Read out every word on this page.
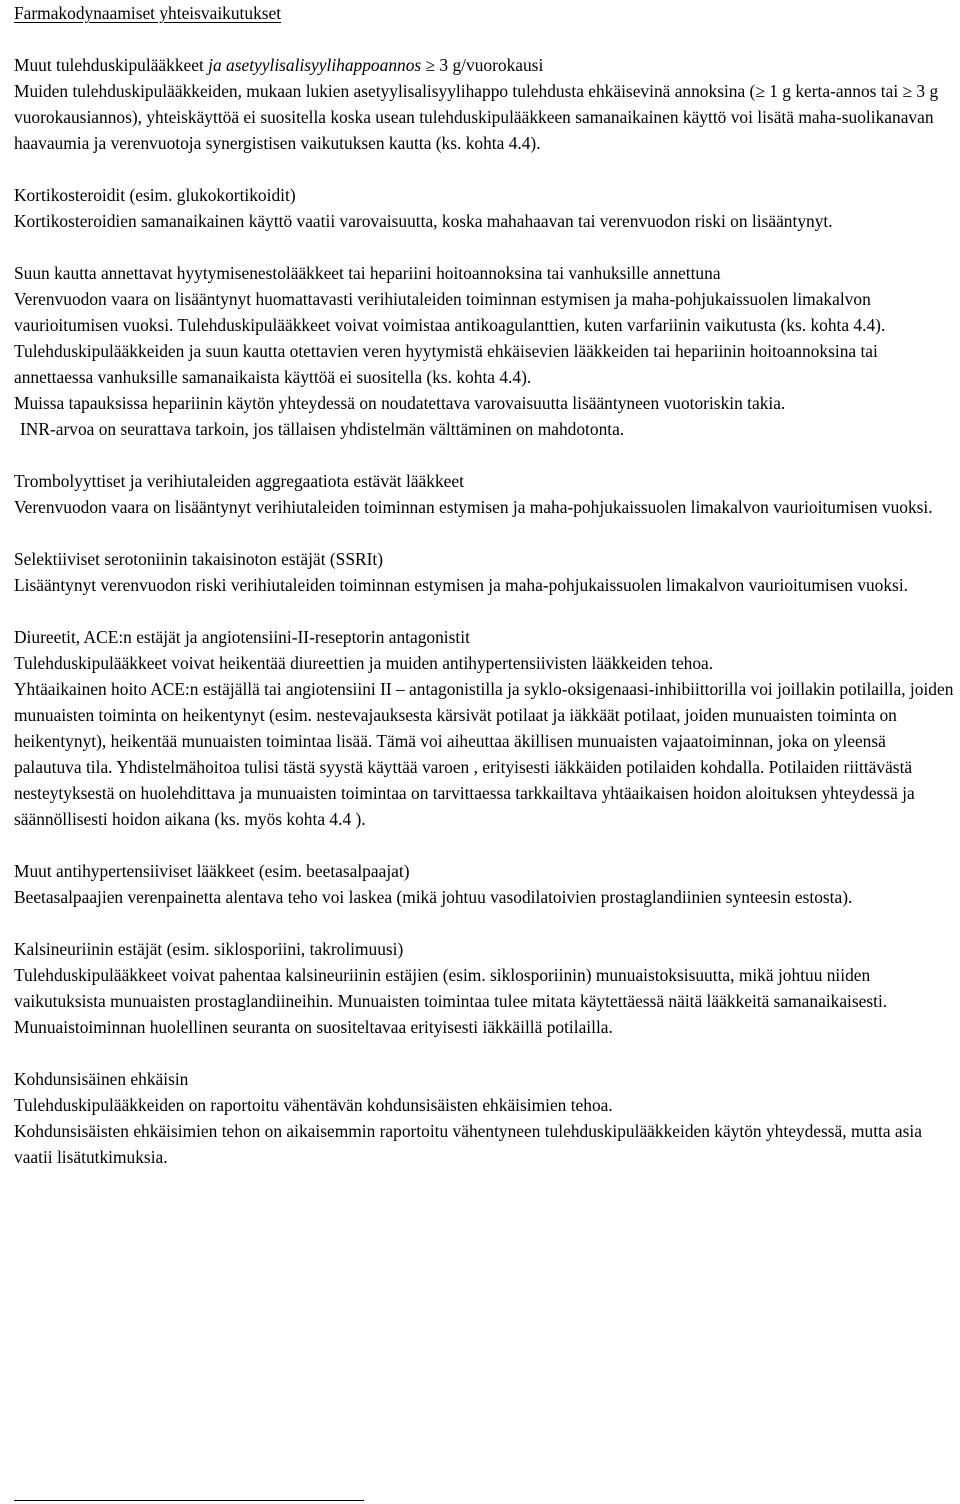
Farmakodynaamiset yhteisvaikutukset
Muut tulehduskipulääkkeet ja asetyylisalisyylihappoannos ≥ 3 g/vuorokausi
Muiden tulehduskipulääkkeiden, mukaan lukien asetyylisalisyylihappo tulehdusta ehkäisevinä annoksina (≥ 1 g kerta-annos tai ≥ 3 g vuorokausiannos), yhteiskäyttöä ei suositella koska usean tulehduskipulääkkeen samanaikainen käyttö voi lisätä maha-suolikanavan haavaumia ja verenvuotoja synergistisen vaikutuksen kautta (ks. kohta 4.4).
Kortikosteroidit (esim. glukokortikoidit)
Kortikosteroidien samanaikainen käyttö vaatii varovaisuutta, koska mahahaavan tai verenvuodon riski on lisääntynyt.
Suun kautta annettavat hyytymisenestolääkkeet tai hepariini hoitoannoksina tai vanhuksille annettuna
Verenvuodon vaara on lisääntynyt huomattavasti verihiutaleiden toiminnan estymisen ja maha-pohjukaissuolen limakalvon vaurioitumisen vuoksi. Tulehduskipulääkkeet voivat voimistaa antikoagulanttien, kuten varfariinin vaikutusta (ks. kohta 4.4). Tulehduskipulääkkeiden ja suun kautta otettavien veren hyytymistä ehkäisevien lääkkeiden tai hepariinin hoitoannoksina tai annettaessa vanhuksille samanaikaista käyttöä ei suositella (ks. kohta 4.4).
Muissa tapauksissa hepariinin käytön yhteydessä on noudatettava varovaisuutta lisääntyneen vuotoriskin takia.
INR-arvoa on seurattava tarkoin, jos tällaisen yhdistelmän välttäminen on mahdotonta.
Trombolyyttiset ja verihiutaleiden aggregaatiota estävät lääkkeet
Verenvuodon vaara on lisääntynyt verihiutaleiden toiminnan estymisen ja maha-pohjukaissuolen limakalvon vaurioitumisen vuoksi.
Selektiiviset serotoniinin takaisinoton estäjät (SSRIt)
Lisääntynyt verenvuodon riski verihiutaleiden toiminnan estymisen ja maha-pohjukaissuolen limakalvon vaurioitumisen vuoksi.
Diureetit, ACE:n estäjät ja angiotensiini-II-reseptorin antagonistit
Tulehduskipulääkkeet voivat heikentää diureettien ja muiden antihypertensiivisten lääkkeiden tehoa.
Yhtäaikainen hoito ACE:n estäjällä tai angiotensiini II – antagonistilla ja syklo-oksigenaasi-inhibiittorilla voi joillakin potilailla, joiden munuaisten toiminta on heikentynyt (esim. nestevajauksesta kärsivät potilaat ja iäkkäät potilaat, joiden munuaisten toiminta on heikentynyt), heikentää munuaisten toimintaa lisää. Tämä voi aiheuttaa äkillisen munuaisten vajaatoiminnan, joka on yleensä palautuva tila. Yhdistelmähoitoa tulisi tästä syystä käyttää varoen , erityisesti iäkkäiden potilaiden kohdalla. Potilaiden riittävästä nesteytyksestä on huolehdittava ja munuaisten toimintaa on tarvittaessa tarkkailtava yhtäaikaisen hoidon aloituksen yhteydessä ja säännöllisesti hoidon aikana (ks. myös kohta 4.4 ).
Muut antihypertensiiviset lääkkeet (esim. beetasalpaajat)
Beetasalpaajien verenpainetta alentava teho voi laskea (mikä johtuu vasodilatoivien prostaglandiinien synteesin estosta).
Kalsineuriinin estäjät (esim. siklosporiini, takrolimuusi)
Tulehduskipulääkkeet voivat pahentaa kalsineuriinin estäjien (esim. siklosporiinin) munuaistoksisuutta, mikä johtuu niiden vaikutuksista munuaisten prostaglandiineihin. Munuaisten toimintaa tulee mitata käytettäessä näitä lääkkeitä samanaikaisesti. Munuaistoiminnan huolellinen seuranta on suositeltavaa erityisesti iäkkäillä potilailla.
Kohdunsisäinen ehkäisin
Tulehduskipulääkkeiden on raportoitu vähentävän kohdunsisäisten ehkäisimien tehoa.
Kohdunsisäisten ehkäisimien tehon on aikaisemmin raportoitu vähentyneen tulehduskipulääkkeiden käytön yhteydessä, mutta asia vaatii lisätutkimuksia.
